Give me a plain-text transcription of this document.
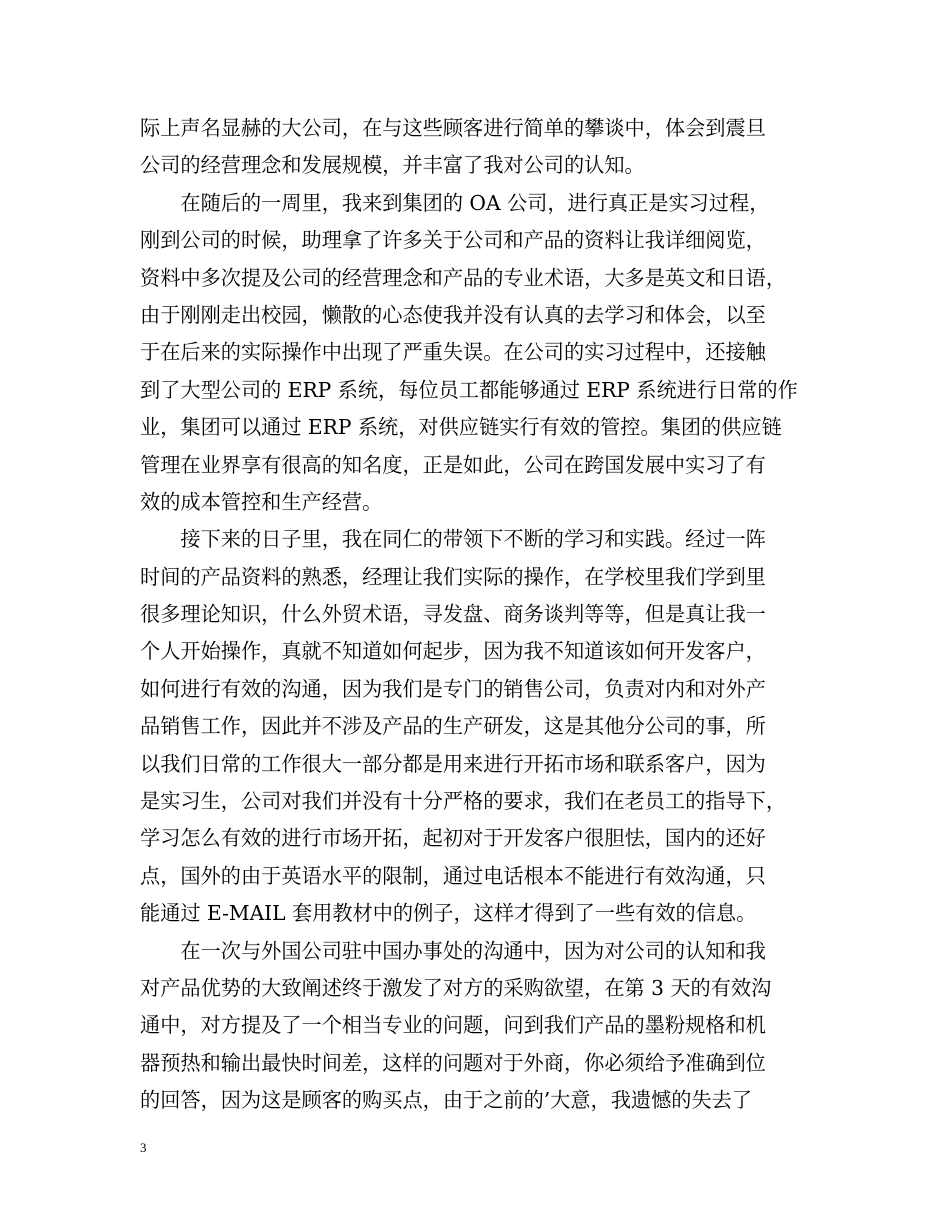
际上声名显赫的大公司，在与这些顾客进行简单的攀谈中，体会到震旦
公司的经营理念和发展规模，并丰富了我对公司的认知。
　　在随后的一周里，我来到集团的 OA 公司，进行真正是实习过程，
刚到公司的时候，助理拿了许多关于公司和产品的资料让我详细阅览，
资料中多次提及公司的经营理念和产品的专业术语，大多是英文和日语，
由于刚刚走出校园，懒散的心态使我并没有认真的去学习和体会，以至
于在后来的实际操作中出现了严重失误。在公司的实习过程中，还接触
到了大型公司的 ERP 系统，每位员工都能够通过 ERP 系统进行日常的作
业，集团可以通过 ERP 系统，对供应链实行有效的管控。集团的供应链
管理在业界享有很高的知名度，正是如此，公司在跨国发展中实习了有
效的成本管控和生产经营。
　　接下来的日子里，我在同仁的带领下不断的学习和实践。经过一阵
时间的产品资料的熟悉，经理让我们实际的操作，在学校里我们学到里
很多理论知识，什么外贸术语，寻发盘、商务谈判等等，但是真让我一
个人开始操作，真就不知道如何起步，因为我不知道该如何开发客户，
如何进行有效的沟通，因为我们是专门的销售公司，负责对内和对外产
品销售工作，因此并不涉及产品的生产研发，这是其他分公司的事，所
以我们日常的工作很大一部分都是用来进行开拓市场和联系客户，因为
是实习生，公司对我们并没有十分严格的要求，我们在老员工的指导下，
学习怎么有效的进行市场开拓，起初对于开发客户很胆怯，国内的还好
点，国外的由于英语水平的限制，通过电话根本不能进行有效沟通，只
能通过 E-MAIL 套用教材中的例子，这样才得到了一些有效的信息。
　　在一次与外国公司驻中国办事处的沟通中，因为对公司的认知和我
对产品优势的大致阐述终于激发了对方的采购欲望，在第 3 天的有效沟
通中，对方提及了一个相当专业的问题，问到我们产品的墨粉规格和机
器预热和输出最快时间差，这样的问题对于外商，你必须给予准确到位
的回答，因为这是顾客的购买点，由于之前的’大意，我遗憾的失去了
3
